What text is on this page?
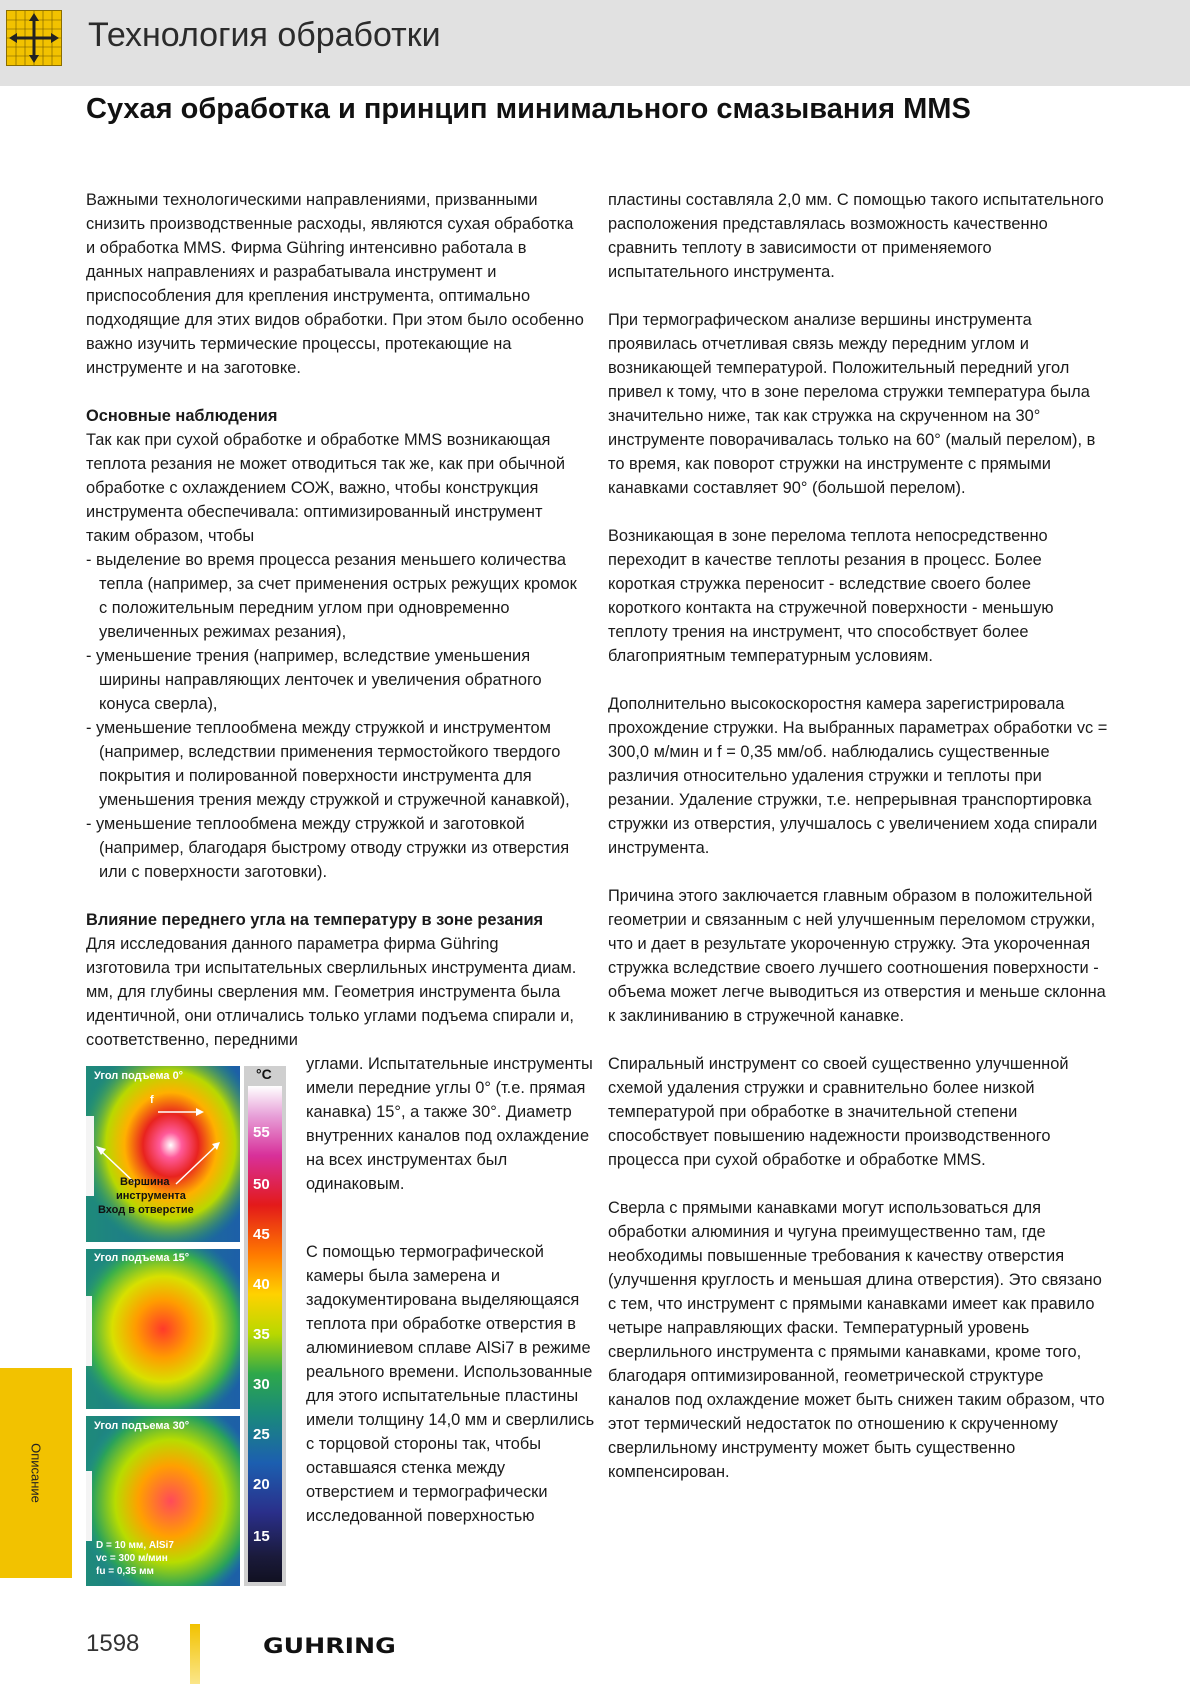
Технология обработки
Сухая обработка и принцип минимального смазывания MMS

Важными технологическими направлениями, призванными снизить производственные расходы, являются сухая обработка и обработка MMS. Фирма Gühring интенсивно работала в данных направлениях и разрабатывала инструмент и приспособления для крепления инструмента, оптимально подходящие для этих видов обработки. При этом было особенно важно изучить термические процессы, протекающие на инструменте и на заготовке.

Основные наблюдения

Так как при сухой обработке и обработке MMS возникающая теплота резания не может отводиться так же, как при обычной обработке с охлаждением СОЖ, важно, чтобы конструкция инструмента обеспечивала: оптимизированный инструмент таким образом, чтобы

- выделение во время процесса резания меньшего количества тепла (например, за счет применения острых режущих кромок с положительным передним углом при одновременно увеличенных режимах резания),

- уменьшение трения (например, вследствие уменьшения ширины направляющих ленточек и увеличения обратного конуса сверла),

- уменьшение теплообмена между стружкой и инструментом (например, вследствии применения термостойкого твердого покрытия и полированной поверхности инструмента для уменьшения трения между стружкой и стружечной канавкой),

- уменьшение теплообмена между стружкой и заготовкой (например, благодаря быстрому отводу стружки из отверстия или с поверхности заготовки).

Влияние переднего угла на температуру в зоне резания

Для исследования данного параметра фирма Gühring изготовила три испытательных сверлильных инструмента диам. мм, для глубины сверления мм. Геометрия инструмента была идентичной, они отличались только углами подъема спирали и, соответственно, передними

углами. Испытательные инструменты имели передние углы 0° (т.е. прямая канавка) 15°, а также 30°. Диаметр внутренних каналов под охлаждение на всех инструментах был одинаковым.
С помощью термографической камеры была замерена и задокументирована выделяющаяся теплота при обработке отверстия в алюминиевом сплаве AlSi7 в режиме реального времени. Использованные для этого испытательные пластины имели толщину 14,0 мм и сверлились с торцовой стороны так, чтобы оставшаяся стенка между отверстием и термографически исследованной поверхностью
Угол подъема 0°
f
Вершина
инструмента
Вход в отверстие
Угол подъема 15°
Угол подъема 30°
D = 10 мм, AlSi7
vc = 300 м/мин
fu = 0,35 мм
°C
55
50
45
40
35
30
25
20
15

пластины составляла 2,0 мм. С помощью такого испытательного расположения представлялась возможность качественно сравнить теплоту в зависимости от применяемого испытательного инструмента.

При термографическом анализе вершины инструмента проявилась отчетливая связь между передним углом и возникающей температурой. Положительный передний угол привел к тому, что в зоне перелома стружки температура была значительно ниже, так как стружка на скрученном на 30° инструменте поворачивалась только на 60° (малый перелом), в то время, как поворот стружки на инструменте с прямыми канавками составляет 90° (большой перелом).

Возникающая в зоне перелома теплота непосредственно переходит в качестве теплоты резания в процесс. Более короткая стружка переносит - вследствие своего более короткого контакта на стружечной поверхности - меньшую теплоту трения на инструмент, что способствует более благоприятным температурным условиям.

Дополнительно высокоскоростня камера зарегистрировала прохождение стружки. На выбранных параметрах обработки vc = 300,0 м/мин и f = 0,35 мм/об. наблюдались существенные различия относительно удаления стружки и теплоты при резании. Удаление стружки, т.е. непрерывная транспортировка стружки из отверстия, улучшалось с увеличением хода спирали инструмента.

Причина этого заключается главным образом в положительной геометрии и связанным с ней улучшенным переломом стружки, что и дает в результате укороченную стружку. Эта укороченная стружка вследствие своего лучшего соотношения поверхности - объема может легче выводиться из отверстия и меньше склонна к заклиниванию в стружечной канавке.

Спиральный инструмент со своей существенно улучшенной схемой удаления стружки и сравнительно более низкой температурой при обработке в значительной степени способствует повышению надежности производственного процесса при сухой обработке и обработке MMS.

Сверла с прямыми канавками могут использоваться для обработки алюминия и чугуна преимущественно там, где необходимы повышенные требования к качеству отверстия (улучшення круглость и меньшая длина отверстия). Это связано с тем, что инструмент с прямыми канавками имеет как правило четыре направляющих фаски. Температурный уровень сверлильного инструмента с прямыми канавками, кроме того, благодаря оптимизированной, геометрической структуре каналов под охлаждение может быть снижен таким образом, что этот термический недостаток по отношению к скрученному сверлильному инструменту может быть существенно компенсирован.

Описание
1598	GUHRING
